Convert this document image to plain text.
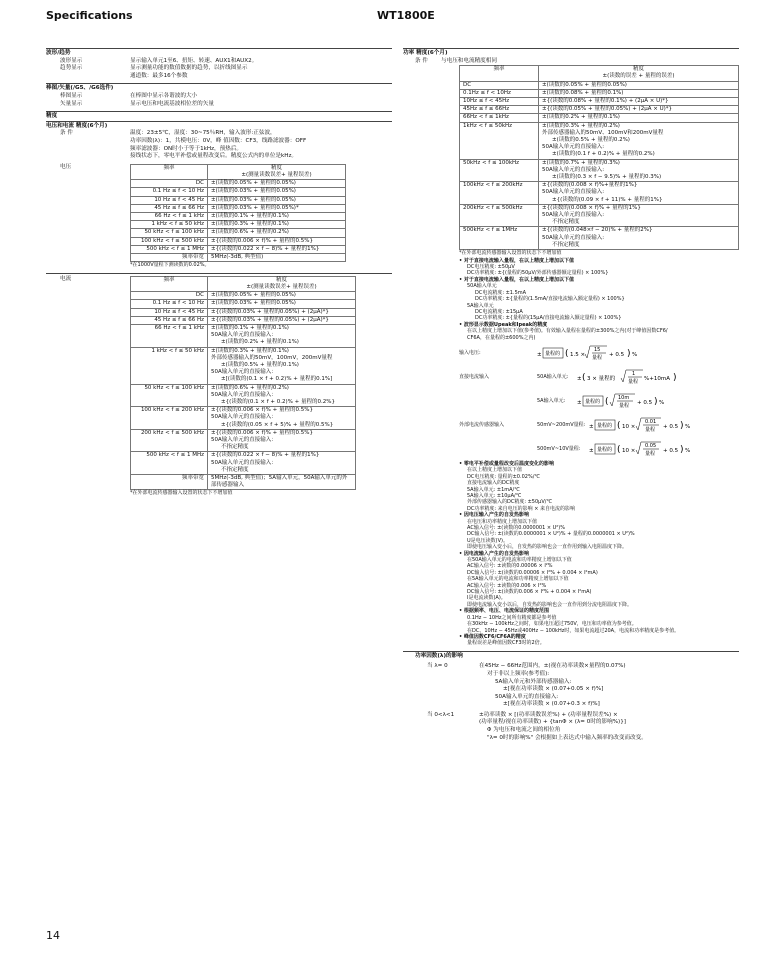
Specifications	WT1800E
14
波形/趋势
波形显示	显示输入单元1至6、扭矩、转速、AUX1和AUX2。
趋势显示	显示测量功能的数值数据的趋势，以折线图显示
通道数：最多16个参数
棒图/矢量(/G5、/G6选件)
棒图显示	在棒图中显示各谐波的大小
矢量显示	显示电压和电流基波相位差的矢量
精度
电压和电流 精度(6个月)
条 件	温度：23±5℃，湿度：30~75％RH，输入波形:正弦波，
功率因数(λ)：1，共模电压：0V，峰 值因数：CF3，线路滤波器：OFF
频率滤波器：ON时小于等于1kHz，预热后。
接线状态下，零电平补偿或量程改变后。精度公式内的单位是kHz。
电压	频率	精度
±(测量读数误差+ 量程误差)
DC	±(读数的0.05% + 量程的0.05%)

0.1 Hz ≤ f < 10 Hz	±(读数的0.03% + 量程的0.05%)

10 Hz ≤ f < 45 Hz	±(读数的0.03% + 量程的0.05%)

45 Hz ≤ f ≤ 66 Hz	±(读数的0.03% + 量程的0.05%)*

66 Hz < f ≤ 1 kHz	±(读数的0.1% + 量程的0.1%)

1 kHz < f ≤ 50 kHz	±(读数的0.3% + 量程的0.1%)

50 kHz < f ≤ 100 kHz	±(读数的0.6% + 量程的0.2%)

100 kHz < f ≤ 500 kHz	±{(读数的0.006 × f)% + 量程的0.5%}

500 kHz < f ≤ 1 MHz	±{(读数的0.022 × f − 8)% + 量程的1%}

频率带宽	5MHz(-3dB, 典型值)
*在1000V量程下测读数的0.02%。
电流	频率	精度
±(测量读数误差+ 量程误差)
DC	±(读数的0.05% + 量程的0.05%)

0.1 Hz ≤ f < 10 Hz	±(读数的0.03% + 量程的0.05%)

10 Hz ≤ f < 45 Hz	±{(读数的0.03% + 量程的0.05%) + (2μA)*}

45 Hz ≤ f ≤ 66 Hz	±{(读数的0.03% + 量程的0.05%) + (2μA)*}

66 Hz < f ≤ 1 kHz	±(读数的0.1% + 量程的0.1%)
50A输入单元的直接输入：
±(读数的0.2% + 量程的0.1%)

1 kHz < f ≤ 50 kHz	±(读数的0.3% + 量程的0.1%)
外部传感器输入的50mV，100mV，200mV量程
±(读数的0.5% + 量程的0.1%)
50A输入单元的直接输入：
±[(读数的(0.1 × f + 0.2)% + 量程的0.1%]

50 kHz < f ≤ 100 kHz	±(读数的0.6% + 量程的0.2%)
50A输入单元的直接输入：
±{(读数的(0.1 × f + 0.2)% + 量程的0.2%}

100 kHz < f ≤ 200 kHz	±{(读数的0.006 × f)% + 量程的0.5%}
50A输入单元的直接输入：
±{(读数的(0.05 × f + 5)% + 量程的0.5%}

200 kHz < f ≤ 500 kHz	±{(读数的0.006 × f)% + 量程的0.5%}
50A输入单元的直接输入：
不指定精度

500 kHz < f ≤ 1 MHz	±{(读数的0.022 × f − 8)% + 量程的1%}
50A输入单元的直接输入：
不指定精度

频率带宽	5MHz(-3dB, 典型值)；5A输入单元，50A输入单元的外
部传感器输入
*在外部电流传感器输入设置的状态下不增加值
功率 精度(6个月)
条 件	与电压和电流精度相同
频率	精度
±(读数的误差 + 量程的误差)
DC	±(读数的0.05% + 量程的0.05%)

0.1Hz ≤ f < 10Hz	±(读数的0.08% + 量程的0.1%)

10Hz ≤ f < 45Hz	±{(读数的0.08% + 量程的0.1%) + (2μA × U)*}

45Hz ≤ f ≤ 66Hz	±{(读数的0.05% + 量程的0.05%) + (2μA × U)*}

66Hz < f ≤ 1kHz	±(读数的0.2% + 量程的0.1%)

1kHz < f ≤ 50kHz	±(读数的0.3% + 量程的0.2%)
外部传感器输入的50mV、100mV和200mV量程
±(读数的0.5% + 量程的0.2%)
50A输入单元的直接输入:
±(读数的(0.1 f + 0.2)% + 量程的0.2%)

50kHz < f ≤ 100kHz	±(读数的0.7% + 量程的0.3%)
50A输入单元的直接输入:
±(读数的(0.3 × f − 9.5)% + 量程的0.3%)

100kHz < f ≤ 200kHz	±{(读数的(0.008 × f)%+量程的1%}
50A输入单元的直接输入:
±{(读数的(0.09 × f + 11)% + 量程的1%}

200kHz < f ≤ 500kHz	±{(读数的(0.008 × f)% + 量程的1%}
50A输入单元的直接输入:
不指定精度

500kHz < f ≤ 1MHz	±{(读数的(0.048×f − 20)% + 量程的2%}
50A输入单元的直接输入:
不指定精度
*在外部电流传感器输入设置的状态下不增加值
• 对于直接电流输入量程，在以上精度上增加以下值
DC电压精度: ±50μV
DC功率精度: ±{(量程的50μV/外部传感器额定量程) × 100%}
• 对于直接电流输入量程，在以上精度上增加以下值
50A输入单元
DC电流精度: ±1.5mA
DC功率精度: ±{量程的(1.5mA/直接电流输入额定量程) × 100%}
5A输入单元
DC电流精度: ±15μA
DC功率精度: ±{量程的(15μA/直接电流输入额定量程) × 100%}
• 波形显示数据Upeak和Ipeak的精度
在以上精度上增加以下值(参考值)。有效输入量程在量程的±300%之内(对于峰值因数CF6/
CF6A，在量程的±600%之内)
输入电压:	± 量程的 ( 1.5 ×
15
量程 + 0.5 ) %
直接电流输入	50A输入单元:	± ( 3 × 量程的
1
量程 %+10mA )
5A输入单元:	± 量程的 ( 10m
量程 + 0.5 ) %
外部电流传感器输入	50mV~200mV量程: ± 量程的 ( 10 ×
0.01
量程 + 0.5 ) %
500mV~10V量程:	± 量程的 ( 10 ×
0.05
量程 + 0.5 ) %
• 零电平补偿或量程改变后温度变化的影响
在以上精度上增加以下值
DC电压精度: 量程的±0.02%/℃
直接电流输入的DC精度
5A输入单元: ±1mA/℃
5A输入单元: ±10μA/℃
外部传感器输入的DC精度: ±50μV/℃
DC功率精度: 来自电压的影响 × 来自电流的影响
• 因电压输入产生的自发热影响
在电压和功率精度上增加以下值
AC输入信号: ±(读数的0.0000001 × U²)%
DC输入信号: ±(读数的0.0000001 × U²)% + 量程的0.0000001 × U²)%
U是电压读数(V)。
即使电压输入变小后，自发热的影响也会一直作用到输入电阻温度下降。
• 因电流输入产生的自发热影响
在50A输入单元的电流和功率精度上增加以下值
AC输入信号: ±读数的0.00006 × I²%
DC输入信号: ±(读数的0.00006 × I²% + 0.004 × I²mA)
在5A输入单元的电流和功率精度上增加以下值
AC输入信号: ±读数的0.006 × I²%
DC输入信号: ±(读数的0.006 × I²% + 0.004 × I²mA)
I是电流读数(A)。
即使电流输入变小以后，自发热的影响也会一直作用到分流电阻温度下降。
• 根据频率、电压、电流保证的精度范围
0.1Hz − 10Hz之间所有精度都是参考值
在30kHz − 100kHz之间时，如果电压超过750V，电压和功率值为参考值。
在DC、10Hz − 45Hz或400Hz − 100kHz时，如果电流超过20A，电流和功率精度是参考值。
• 峰值因数CF6/CF6A的精度
量程误差是峰值因数CF3时的2倍。
功率因数(λ)的影响
当 λ= 0	在45Hz − 66Hz范围内，±(视在功率读数×量程的0.07%)
对于非以上频率(参考值):
5A输入单元和外部传感器输入:
±[视在功率读数 × (0.07+0.05 × f)%]
50A输入单元的直接输入:
±[视在功率读数 × (0.07+0.3 × f)%]
当 0<λ<1	±功率读数 × [(功率读数误差%) + (功率量程误差%) ×
(功率量程/视在功率读数) + {tanΦ × (λ= 0时的影响%)}]
Φ 为电压和电流之间的相位角
"λ= 0时的影响%" 会根据如上表达式中输入频率的改变而改变。
